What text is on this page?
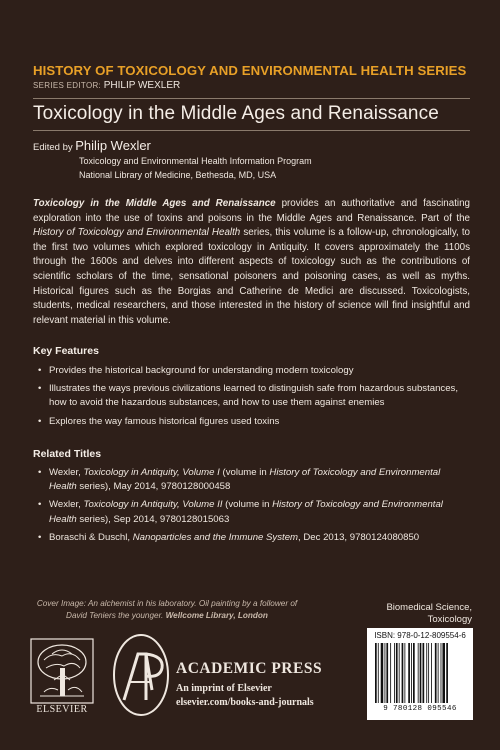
HISTORY OF TOXICOLOGY AND ENVIRONMENTAL HEALTH SERIES
SERIES EDITOR: PHILIP WEXLER
Toxicology in the Middle Ages and Renaissance
Edited by Philip Wexler
Toxicology and Environmental Health Information Program
National Library of Medicine, Bethesda, MD, USA

Toxicology in the Middle Ages and Renaissance provides an authoritative and fascinating exploration into the use of toxins and poisons in the Middle Ages and Renaissance. Part of the History of Toxicology and Environmental Health series, this volume is a follow-up, chronologically, to the first two volumes which explored toxicology in Antiquity. It covers approximately the 1100s through the 1600s and delves into different aspects of toxicology such as the contributions of scientific scholars of the time, sensational poisoners and poisoning cases, as well as myths. Historical figures such as the Borgias and Catherine de Medici are discussed. Toxicologists, students, medical researchers, and those interested in the history of science will find insightful and relevant material in this volume.

Key Features
• Provides the historical background for understanding modern toxicology
• Illustrates the ways previous civilizations learned to distinguish safe from hazardous substances, how to avoid the hazardous substances, and how to use them against enemies
• Explores the way famous historical figures used toxins
Related Titles
• Wexler, Toxicology in Antiquity, Volume I (volume in History of Toxicology and Environmental Health series), May 2014, 9780128000458
• Wexler, Toxicology in Antiquity, Volume II (volume in History of Toxicology and Environmental Health series), Sep 2014, 9780128015063
• Boraschi & Duschl, Nanoparticles and the Immune System, Dec 2013, 9780124080850
Cover Image: An alchemist in his laboratory. Oil painting by a follower of David Teniers the younger. Wellcome Library, London
Biomedical Science,
Toxicology
ISBN: 978-0-12-809554-6
9 780128 095546
ELSEVIER
ACADEMIC PRESS
An imprint of Elsevier
elsevier.com/books-and-journals
